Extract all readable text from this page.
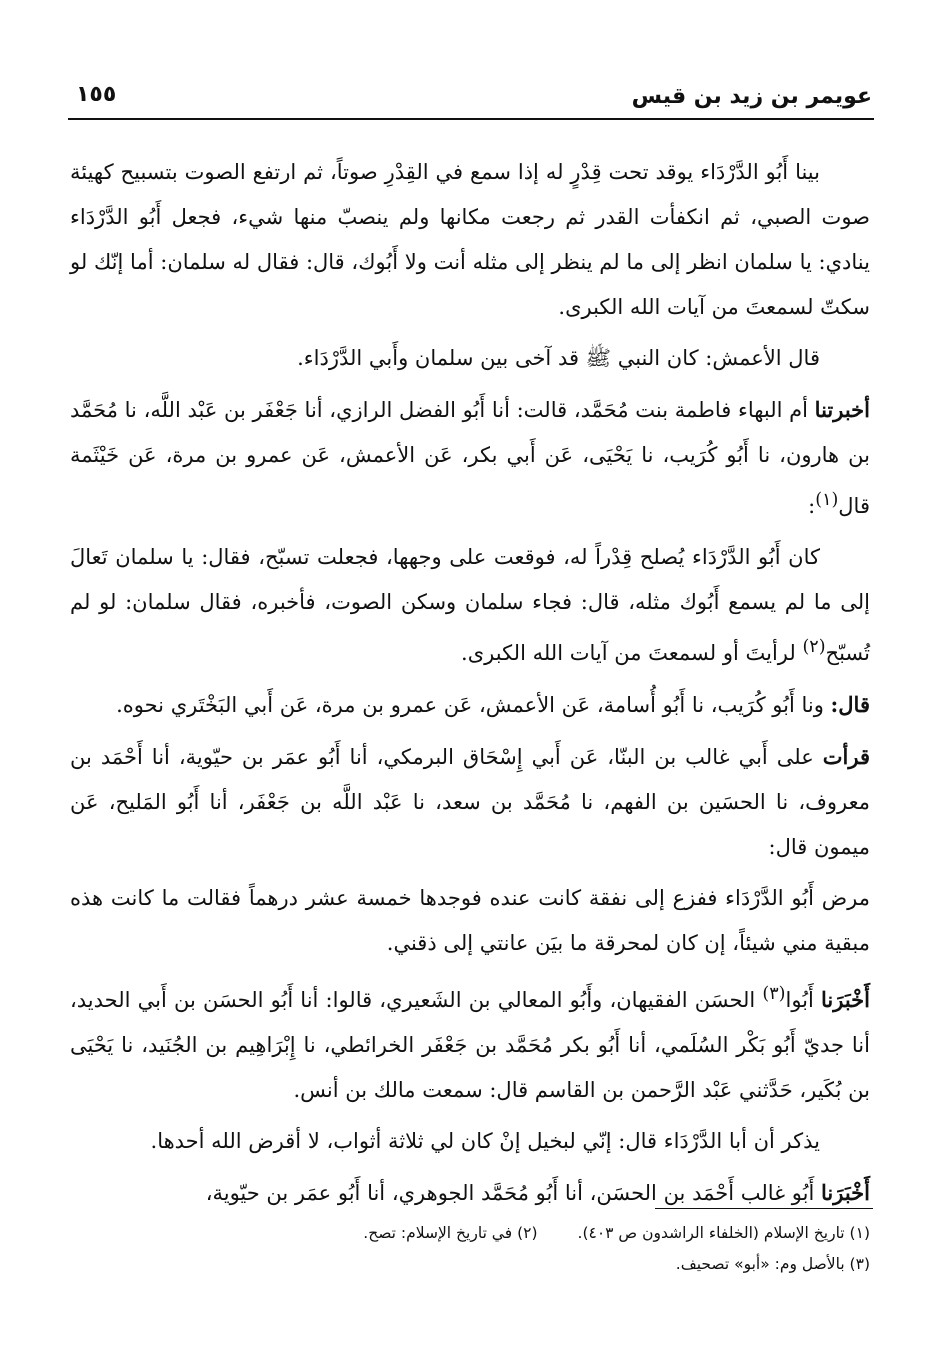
عويمر بن زيد بن قيس
١٥٥

بينا أَبُو الدَّرْدَاء يوقد تحت قِدْرٍ له إذا سمع في القِدْرِ صوتاً، ثم ارتفع الصوت بتسبيح كهيئة صوت الصبي، ثم انكفأت القدر ثم رجعت مكانها ولم ينصبّ منها شيء، فجعل أَبُو الدَّرْدَاء ينادي: يا سلمان انظر إلى ما لم ينظر إلى مثله أنت ولا أَبُوك، قال: فقال له سلمان: أما إنّك لو سكتّ لسمعتَ من آيات الله الكبرى.

قال الأعمش: كان النبي ﷺ قد آخى بين سلمان وأَبي الدَّرْدَاء.

أخبرتنا أم البهاء فاطمة بنت مُحَمَّد، قالت: أنا أَبُو الفضل الرازي، أنا جَعْفَر بن عَبْد اللَّه، نا مُحَمَّد بن هارون، نا أَبُو كُرَيب، نا يَحْيَى، عَن أَبي بكر، عَن الأعمش، عَن عمرو بن مرة، عَن خَيْثَمة قال$^{(١)}$:

كان أَبُو الدَّرْدَاء يُصلح قِدْراً له، فوقعت على وجهها، فجعلت تسبّح، فقال: يا سلمان تَعالَ إلى ما لم يسمع أَبُوك مثله، قال: فجاء سلمان وسكن الصوت، فأخبره، فقال سلمان: لو لم تُسبّح$^{(٢)}$ لرأيتَ أو لسمعتَ من آيات الله الكبرى.

قال: ونا أَبُو كُرَيب، نا أَبُو أُسامة، عَن الأعمش، عَن عمرو بن مرة، عَن أَبي البَخْتَري نحوه.

قرأت على أَبي غالب بن البنّا، عَن أَبي إِسْحَاق البرمكي، أنا أَبُو عمَر بن حيّوية، أنا أَحْمَد بن معروف، نا الحسَين بن الفهم، نا مُحَمَّد بن سعد، نا عَبْد اللَّه بن جَعْفَر، أنا أَبُو المَليح، عَن ميمون قال:

مرض أَبُو الدَّرْدَاء ففزع إلى نفقة كانت عنده فوجدها خمسة عشر درهماً فقالت ما كانت هذه مبقية مني شيئاً، إن كان لمحرقة ما بيَن عانتي إلى ذقني.

أَخْبَرَنا أَبُوا$^{(٣)}$ الحسَن الفقيهان، وأَبُو المعالي بن الشَعيري، قالوا: أنا أَبُو الحسَن بن أَبي الحديد، أنا جديّ أَبُو بَكْر السُلَمي، أنا أَبُو بكر مُحَمَّد بن جَعْفَر الخرائطي، نا إِبْرَاهِيم بن الجُنَيد، نا يَحْيَى بن بُكَير، حَدَّثني عَبْد الرَّحمن بن القاسم قال: سمعت مالك بن أنس.

يذكر أن أبا الدَّرْدَاء قال: إنّي لبخيل إنْ كان لي ثلاثة أثواب، لا أقرض الله أحدها.

أَخْبَرَنا أَبُو غالب أَحْمَد بن الحسَن، أنا أَبُو مُحَمَّد الجوهري، أنا أَبُو عمَر بن حيّوية،

(١) تاريخ الإسلام (الخلفاء الراشدون ص ٤٠٣).(٢) في تاريخ الإسلام: تصح.
(٣) بالأصل وم: «أبو» تصحيف.
